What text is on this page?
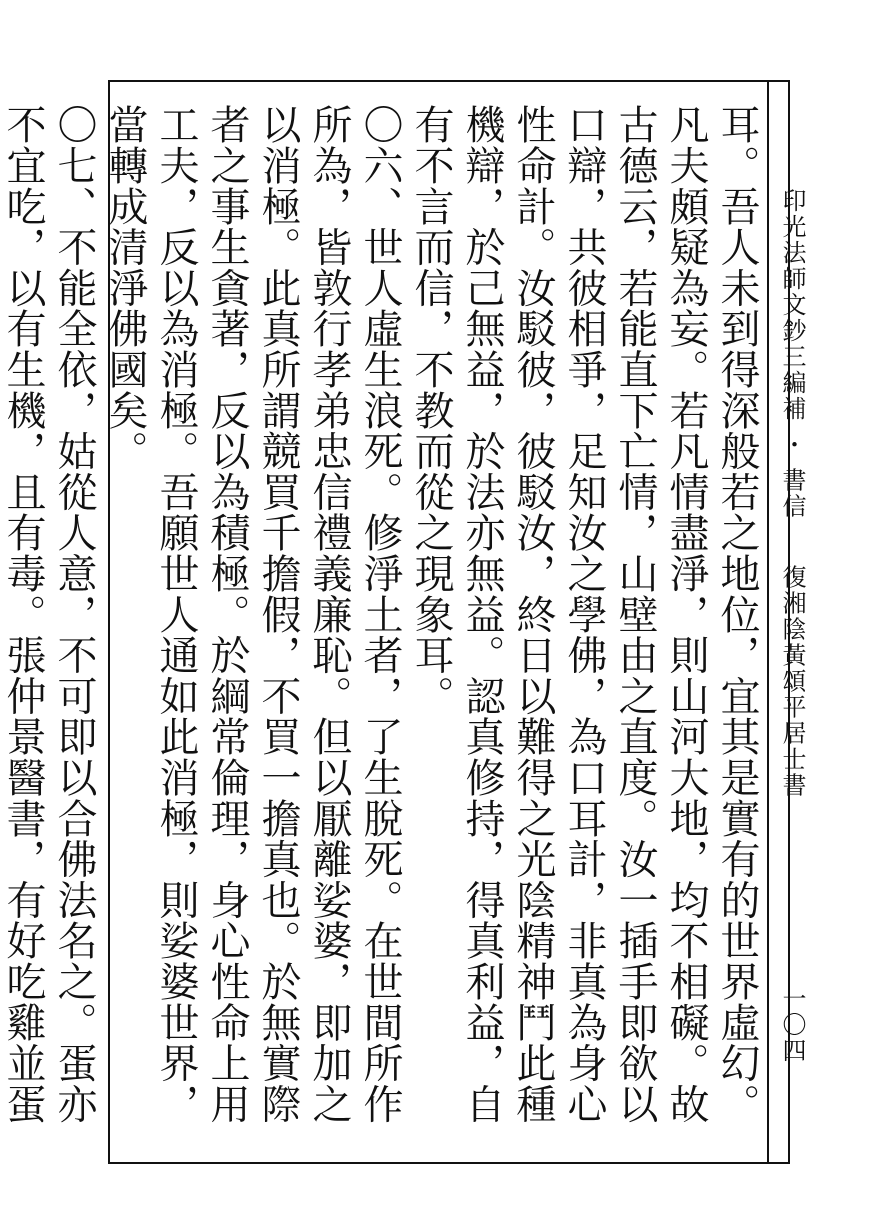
印光法師文鈔三編補 ・ 書信 　 復湘陰黃頌平居士書
一〇四

耳。吾人未到得深般若之地位，宜其是實有的世界虛幻。凡夫頗疑為妄。若凡情盡淨，則山河大地，均不相礙。故古德云，若能直下亡情，山壁由之直度。汝一插手即欲以口辯，共彼相爭，足知汝之學佛，為口耳計，非真為身心性命計。汝駁彼，彼駁汝，終日以難得之光陰精神鬥此種機辯，於己無益，於法亦無益。認真修持，得真利益，自有不言而信，不教而從之現象耳。

〇六、世人虛生浪死。修淨土者，了生脫死。在世間所作所為，皆敦行孝弟忠信禮義廉恥。但以厭離娑婆，即加之以消極。此真所謂競買千擔假，不買一擔真也。於無實際者之事生貪著，反以為積極。於綱常倫理，身心性命上用工夫，反以為消極。吾願世人通如此消極，則娑婆世界，當轉成清淨佛國矣。

〇七、不能全依，姑從人意，不可即以合佛法名之。蛋亦不宜吃，以有生機，且有毒。張仲景醫書，有好吃雞並蛋
